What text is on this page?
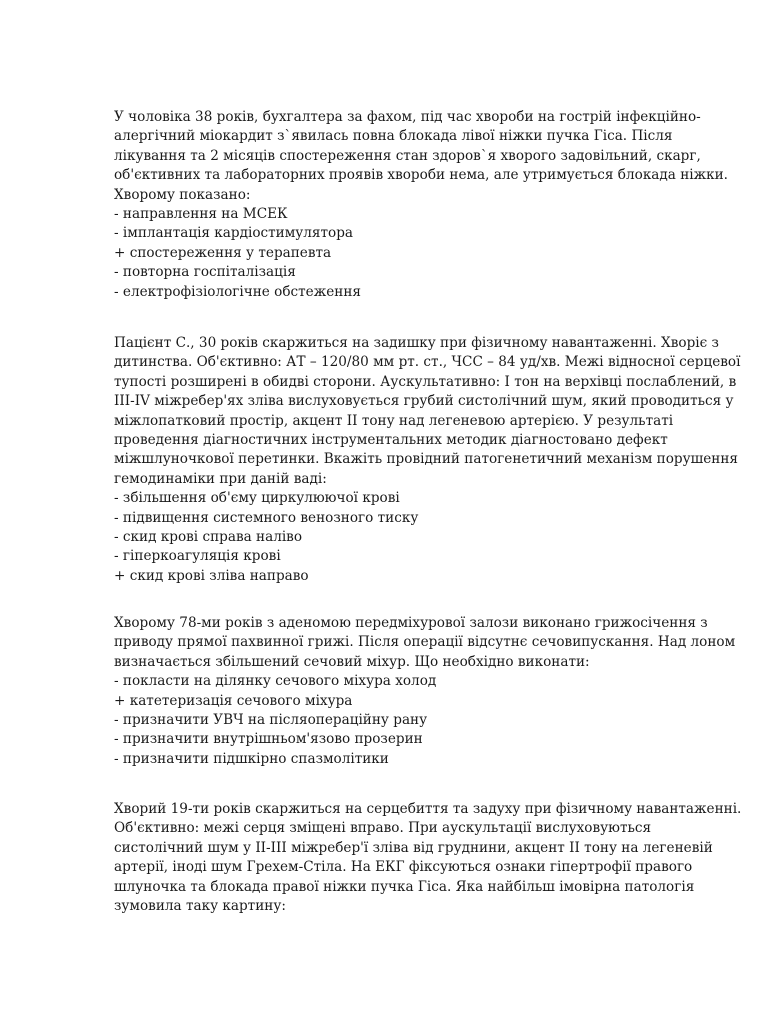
У чоловіка 38 років, бухгалтера за фахом, під час хвороби на гострій інфекційно-
алергічний міокардит з`явилась повна блокада лівої ніжки пучка Гіса. Після
лікування та 2 місяців спостереження стан здоров`я хворого задовільний, скарг,
об'єктивних та лабораторних проявів хвороби нема, але утримується блокада ніжки.
Хворому показано:
- направлення на МСЕК
- імплантація кардіостимулятора
+ спостереження у терапевта
- повторна госпіталізація
- електрофізіологічне обстеження
Пацієнт С., 30 років скаржиться на задишку при фізичному навантаженні. Хворіє з
дитинства. Об'єктивно: АТ – 120/80 мм рт. ст., ЧСС – 84 уд/хв. Межі відносної серцевої
тупості розширені в обидві сторони. Аускультативно: І тон на верхівці послаблений, в
ІІІ-ІV міжребер'ях зліва вислуховується грубий систолічний шум, який проводиться у
міжлопатковий простір, акцент ІІ тону над легеневою артерією. У результаті
проведення діагностичних інструментальних методик діагностовано дефект
міжшлуночкової перетинки. Вкажіть провідний патогенетичний механізм порушення
гемодинаміки при даній ваді:
- збільшення об'єму циркулюючої крові
- підвищення системного венозного тиску
- скид крові справа наліво
- гіперкоагуляція крові
+ скид крові зліва направо
Хворому 78-ми років з аденомою передміхурової залози виконано грижосічення з
приводу прямої пахвинної грижі. Після операції відсутнє сечовипускання. Над лоном
визначається збільшений сечовий міхур. Що необхідно виконати:
- покласти на ділянку сечового міхура холод
+ катетеризація сечового міхура
- призначити УВЧ на післяопераційну рану
- призначити внутрішньом'язово прозерин
- призначити підшкірно спазмолітики
Хворий 19-ти років скаржиться на серцебиття та задуху при фізичному навантаженні.
Об'єктивно: межі серця зміщені вправо. При аускультації вислуховуються
систолічний шум у ІІ-ІІІ міжребер'ї зліва від груднини, акцент ІІ тону на легеневій
артерії, іноді шум Грехем-Стіла. На ЕКГ фіксуються ознаки гіпертрофії правого
шлуночка та блокада правої ніжки пучка Гіса. Яка найбільш імовірна патологія
зумовила таку картину:
